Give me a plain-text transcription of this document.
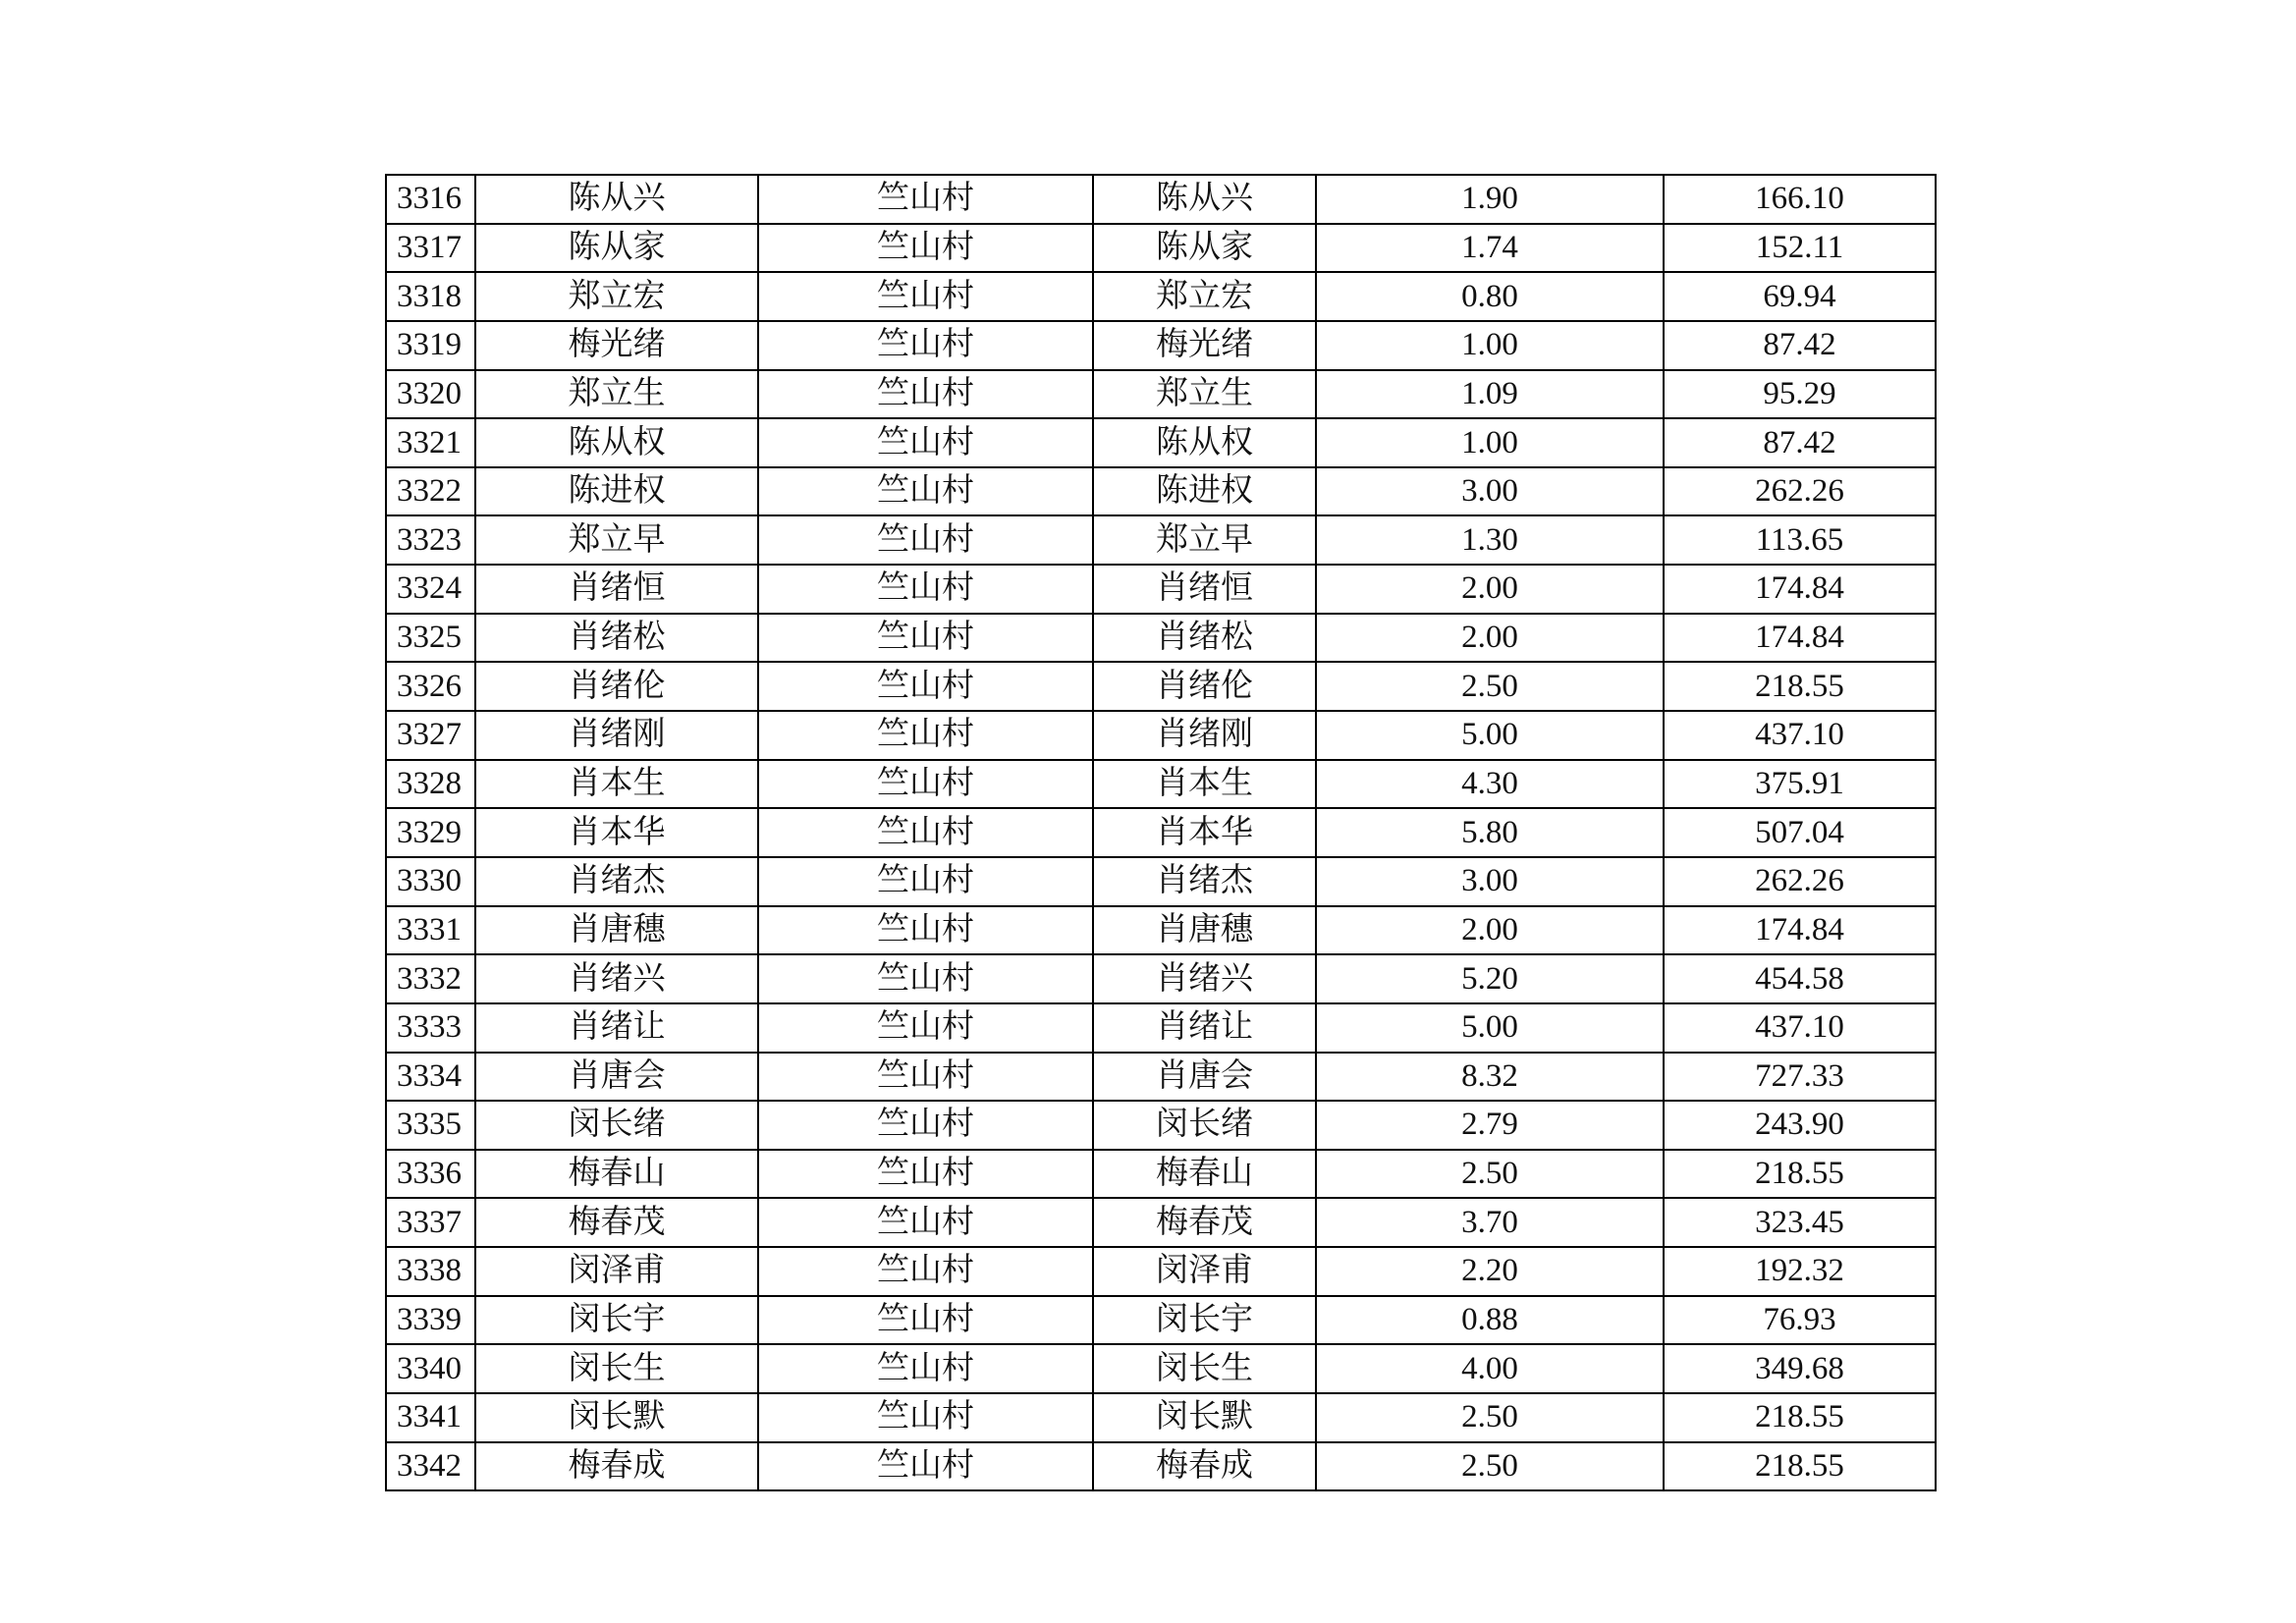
3316	陈从兴	竺山村	陈从兴	1.90	166.10
3317	陈从家	竺山村	陈从家	1.74	152.11
3318	郑立宏	竺山村	郑立宏	0.80	69.94
3319	梅光绪	竺山村	梅光绪	1.00	87.42
3320	郑立生	竺山村	郑立生	1.09	95.29
3321	陈从权	竺山村	陈从权	1.00	87.42
3322	陈进权	竺山村	陈进权	3.00	262.26
3323	郑立早	竺山村	郑立早	1.30	113.65
3324	肖绪恒	竺山村	肖绪恒	2.00	174.84
3325	肖绪松	竺山村	肖绪松	2.00	174.84
3326	肖绪伦	竺山村	肖绪伦	2.50	218.55
3327	肖绪刚	竺山村	肖绪刚	5.00	437.10
3328	肖本生	竺山村	肖本生	4.30	375.91
3329	肖本华	竺山村	肖本华	5.80	507.04
3330	肖绪杰	竺山村	肖绪杰	3.00	262.26
3331	肖唐穗	竺山村	肖唐穗	2.00	174.84
3332	肖绪兴	竺山村	肖绪兴	5.20	454.58
3333	肖绪让	竺山村	肖绪让	5.00	437.10
3334	肖唐会	竺山村	肖唐会	8.32	727.33
3335	闵长绪	竺山村	闵长绪	2.79	243.90
3336	梅春山	竺山村	梅春山	2.50	218.55
3337	梅春茂	竺山村	梅春茂	3.70	323.45
3338	闵泽甫	竺山村	闵泽甫	2.20	192.32
3339	闵长宇	竺山村	闵长宇	0.88	76.93
3340	闵长生	竺山村	闵长生	4.00	349.68
3341	闵长默	竺山村	闵长默	2.50	218.55
3342	梅春成	竺山村	梅春成	2.50	218.55
